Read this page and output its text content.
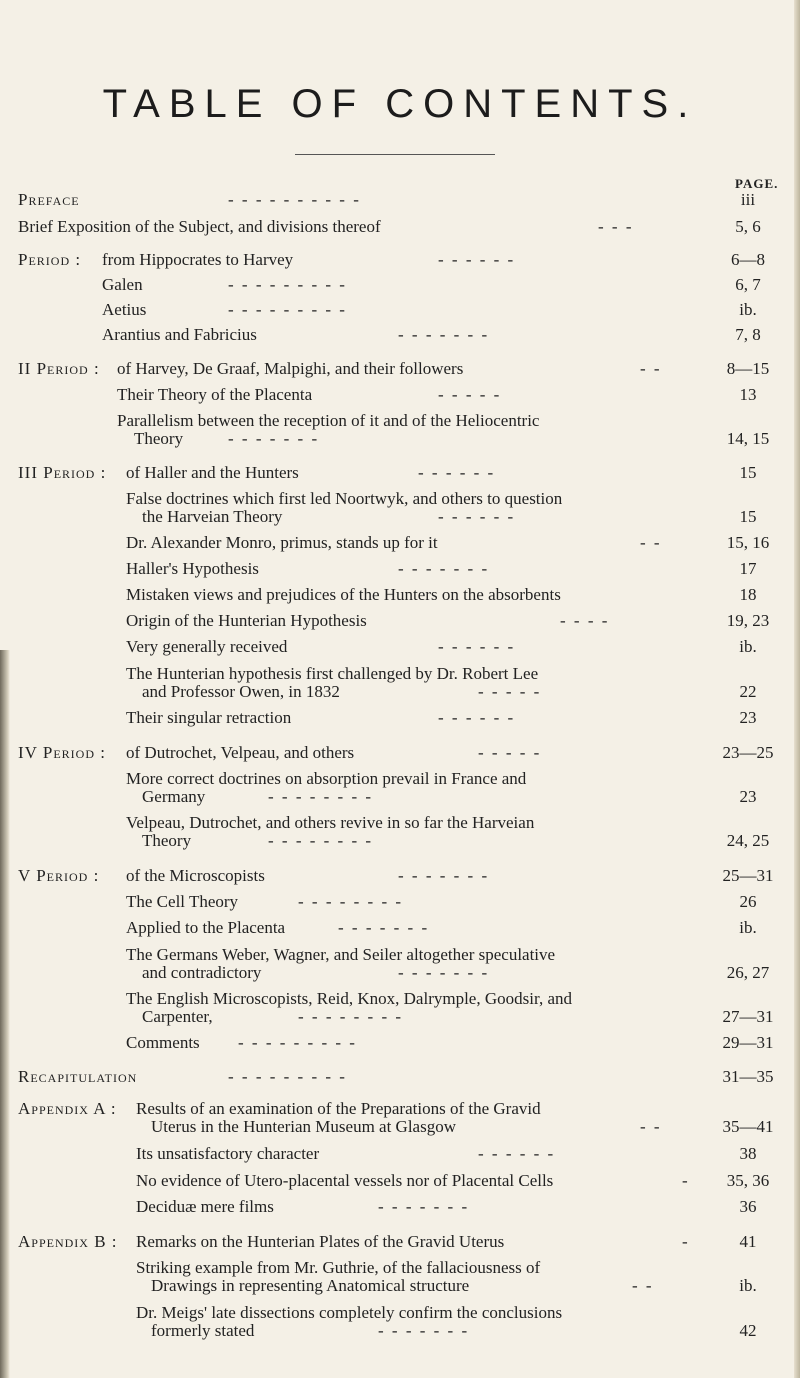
TABLE OF CONTENTS.
PAGE.
Preface	- - - - - - - - - -	iii
Brief Exposition of the Subject, and divisions thereof	- - -	5, 6
Period : from Hippocrates to Harvey	- - - - - -	6—8
Galen	- - - - - - - - -	6, 7
Aetius	- - - - - - - - -	ib.
Arantius and Fabricius	- - - - - - -	7, 8
II Period : of Harvey, De Graaf, Malpighi, and their followers	- -	8—15
Their Theory of the Placenta	- - - - -	13
Parallelism between the reception of it and of the Heliocentric
Theory	- - - - - - -	14, 15
III Period : of Haller and the Hunters	- - - - - -	15
False doctrines which first led Noortwyk, and others to question
the Harveian Theory	- - - - - -	15
Dr. Alexander Monro, primus, stands up for it	- -	15, 16
Haller's Hypothesis	- - - - - - -	17
Mistaken views and prejudices of the Hunters on the absorbents	18
Origin of the Hunterian Hypothesis	- - - -	19, 23
Very generally received	- - - - - -	ib.
The Hunterian hypothesis first challenged by Dr. Robert Lee
and Professor Owen, in 1832	- - - - -	22
Their singular retraction	- - - - - -	23
IV Period : of Dutrochet, Velpeau, and others	- - - - -	23—25
More correct doctrines on absorption prevail in France and
Germany	- - - - - - - -	23
Velpeau, Dutrochet, and others revive in so far the Harveian
Theory	- - - - - - - -	24, 25
V Period : of the Microscopists	- - - - - - -	25—31
The Cell Theory	- - - - - - - -	26
Applied to the Placenta	- - - - - - -	ib.
The Germans Weber, Wagner, and Seiler altogether speculative
and contradictory	- - - - - - -	26, 27
The English Microscopists, Reid, Knox, Dalrymple, Goodsir, and
Carpenter,	- - - - - - - -	27—31
Comments - - - - - - - - -	29—31
Recapitulation	- - - - - - - - -	31—35
Appendix A : Results of an examination of the Preparations of the Gravid
Uterus in the Hunterian Museum at Glasgow	- -	35—41
Its unsatisfactory character	- - - - - -	38
No evidence of Utero-placental vessels nor of Placental Cells	-	35, 36
Deciduæ mere films	- - - - - - -	36
Appendix B : Remarks on the Hunterian Plates of the Gravid Uterus	-	41
Striking example from Mr. Guthrie, of the fallaciousness of
Drawings in representing Anatomical structure	- -	ib.
Dr. Meigs' late dissections completely confirm the conclusions
formerly stated	- - - - - - -	42
